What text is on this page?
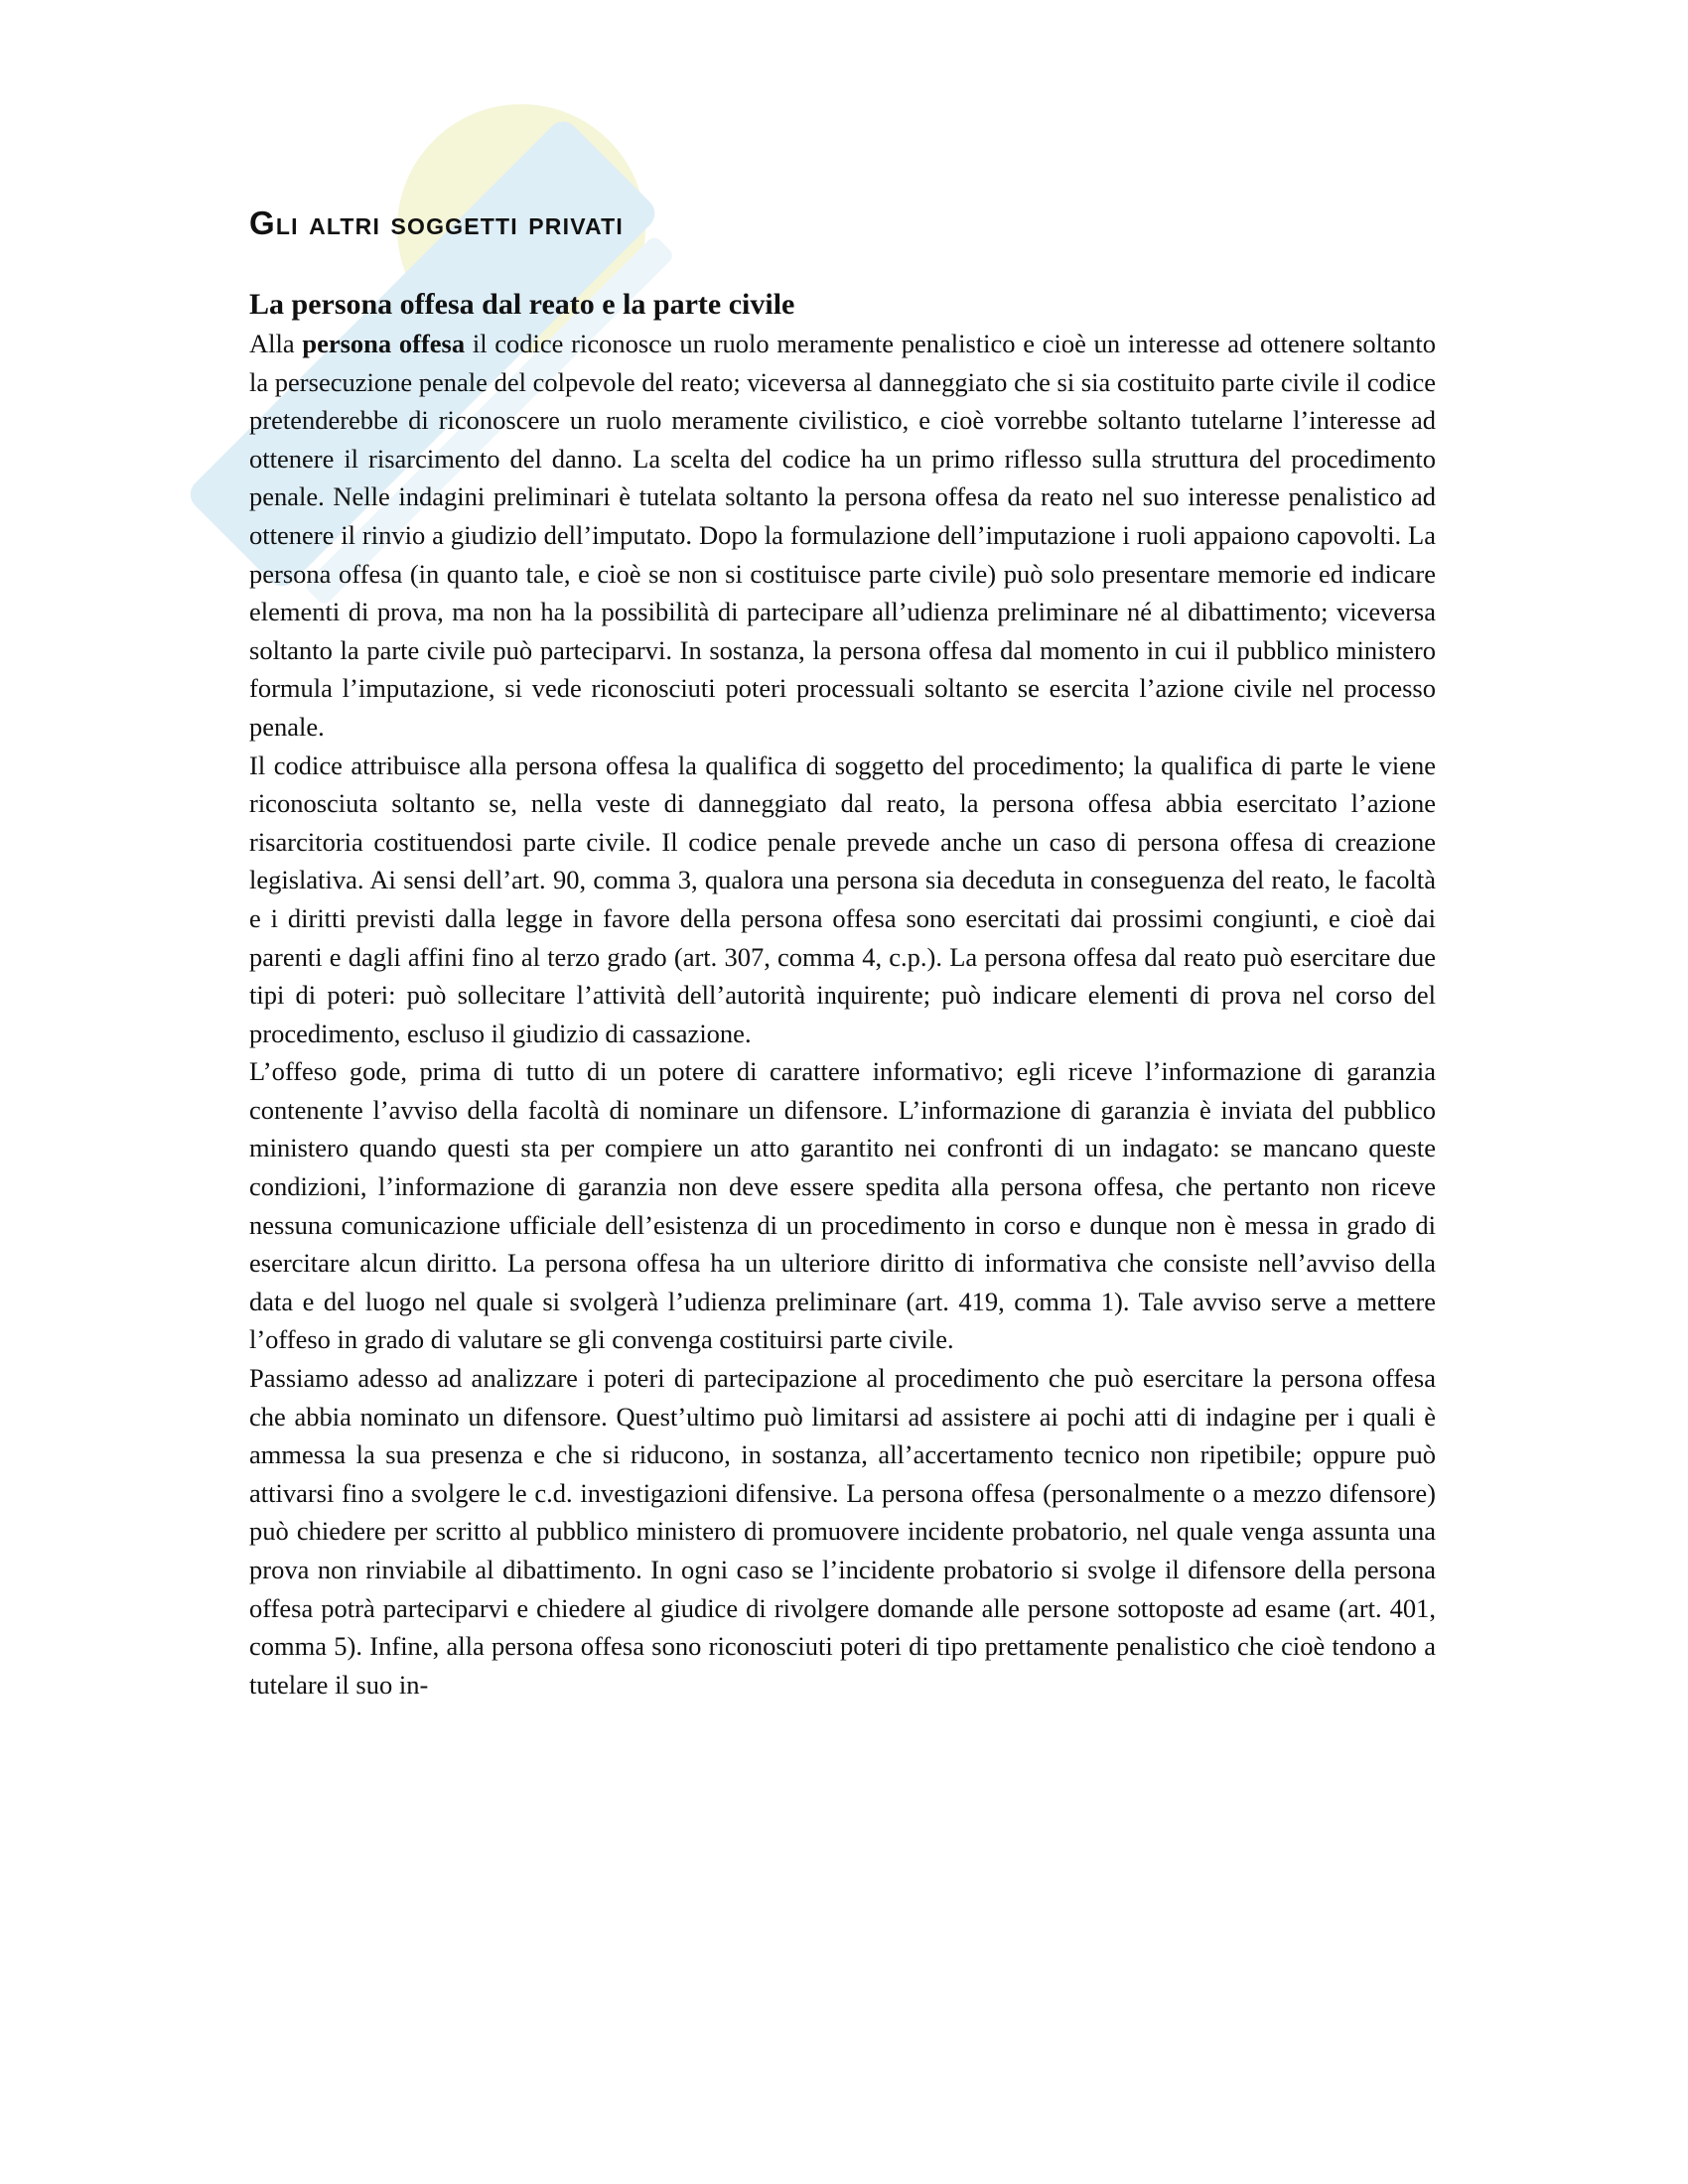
Gli altri soggetti privati
La persona offesa dal reato e la parte civile

Alla persona offesa il codice riconosce un ruolo meramente penalistico e cioè un interesse ad ottenere soltanto la persecuzione penale del colpevole del reato; viceversa al danneggiato che si sia costituito parte civile il codice pretenderebbe di riconoscere un ruolo meramente civilistico, e cioè vorrebbe soltanto tutelarne l’interesse ad ottenere il risarcimento del danno. La scelta del codice ha un primo riflesso sulla struttura del procedimento penale. Nelle indagini preliminari è tutelata soltanto la persona offesa da reato nel suo interesse penalistico ad ottenere il rinvio a giudizio dell’imputato. Dopo la formulazione dell’imputazione i ruoli appaiono capovolti. La persona offesa (in quanto tale, e cioè se non si costituisce parte civile) può solo presentare memorie ed indicare elementi di prova, ma non ha la possibilità di partecipare all’udienza preliminare né al dibattimento; viceversa soltanto la parte civile può parteciparvi. In sostanza, la persona offesa dal momento in cui il pubblico ministero formula l’imputazione, si vede riconosciuti poteri processuali soltanto se esercita l’azione civile nel processo penale.

Il codice attribuisce alla persona offesa la qualifica di soggetto del procedimento; la qualifica di parte le viene riconosciuta soltanto se, nella veste di danneggiato dal reato, la persona offesa abbia esercitato l’azione risarcitoria costituendosi parte civile. Il codice penale prevede anche un caso di persona offesa di creazione legislativa. Ai sensi dell’art. 90, comma 3, qualora una persona sia deceduta in conseguenza del reato, le facoltà e i diritti previsti dalla legge in favore della persona offesa sono esercitati dai prossimi congiunti, e cioè dai parenti e dagli affini fino al terzo grado (art. 307, comma 4, c.p.). La persona offesa dal reato può esercitare due tipi di poteri: può sollecitare l’attività dell’autorità inquirente; può indicare elementi di prova nel corso del procedimento, escluso il giudizio di cassazione.

L’offeso gode, prima di tutto di un potere di carattere informativo; egli riceve l’informazione di garanzia contenente l’avviso della facoltà di nominare un difensore. L’informazione di garanzia è inviata del pubblico ministero quando questi sta per compiere un atto garantito nei confronti di un indagato: se mancano queste condizioni, l’informazione di garanzia non deve essere spedita alla persona offesa, che pertanto non riceve nessuna comunicazione ufficiale dell’esistenza di un procedimento in corso e dunque non è messa in grado di esercitare alcun diritto. La persona offesa ha un ulteriore diritto di informativa che consiste nell’avviso della data e del luogo nel quale si svolgerà l’udienza preliminare (art. 419, comma 1). Tale avviso serve a mettere l’offeso in grado di valutare se gli convenga costituirsi parte civile.

Passiamo adesso ad analizzare i poteri di partecipazione al procedimento che può esercitare la persona offesa che abbia nominato un difensore. Quest’ultimo può limitarsi ad assistere ai pochi atti di indagine per i quali è ammessa la sua presenza e che si riducono, in sostanza, all’accertamento tecnico non ripetibile; oppure può attivarsi fino a svolgere le c.d. investigazioni difensive. La persona offesa (personalmente o a mezzo difensore) può chiedere per scritto al pubblico ministero di promuovere incidente probatorio, nel quale venga assunta una prova non rinviabile al dibattimento. In ogni caso se l’incidente probatorio si svolge il difensore della persona offesa potrà parteciparvi e chiedere al giudice di rivolgere domande alle persone sottoposte ad esame (art. 401, comma 5). Infine, alla persona offesa sono riconosciuti poteri di tipo prettamente penalistico che cioè tendono a tutelare il suo in-
